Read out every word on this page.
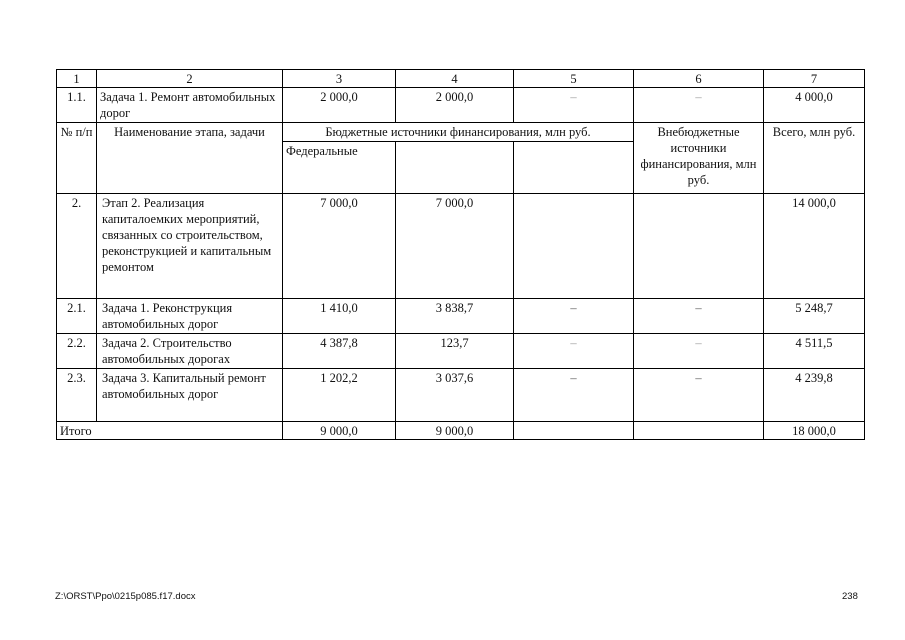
1	2	3	4	5	6	7
1.1.	Задача 1. Ремонт автомобильных дорог	2 000,0	2 000,0	–	–	4 000,0
№ п/п	Наименование этапа, задачи	Бюджетные источники финансирования, млн руб.			Внебюджетные источники финансирования, млн руб.	Всего, млн руб.
		Федеральные				
2.	Этап 2. Реализация капиталоемких мероприятий, связанных со строительством, реконструкцией и капитальным ремонтом	7 000,0	7 000,0			14 000,0
2.1.	Задача 1. Реконструкция автомобильных дорог	1 410,0	3 838,7	–	–	5 248,7
2.2.	Задача 2. Строительство автомобильных дорогах	4 387,8	123,7	–	–	4 511,5
2.3.	Задача 3. Капитальный ремонт автомобильных дорог	1 202,2	3 037,6	–	–	4 239,8
Итого		9 000,0	9 000,0			18 000,0
Z:\ORST\Ppo\0215p085.f17.docx	238
